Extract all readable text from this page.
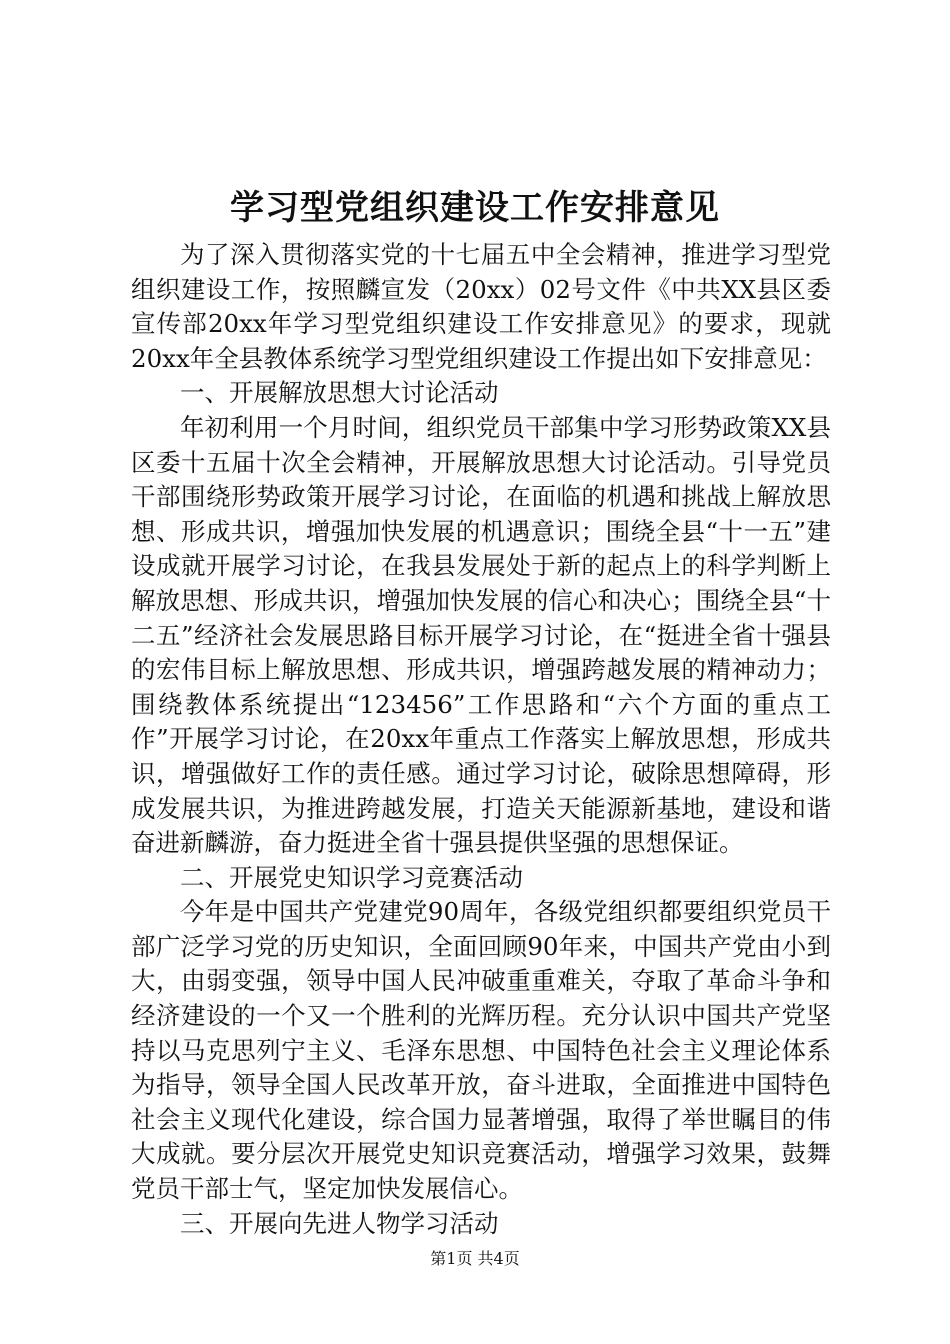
学习型党组织建设工作安排意见

为了深入贯彻落实党的十七届五中全会精神，推进学习型党组织建设工作，按照麟宣发（20xx）02号文件《中共XX县区委宣传部20xx年学习型党组织建设工作安排意见》的要求，现就20xx年全县教体系统学习型党组织建设工作提出如下安排意见：

一、开展解放思想大讨论活动

年初利用一个月时间，组织党员干部集中学习形势政策XX县区委十五届十次全会精神，开展解放思想大讨论活动。引导党员干部围绕形势政策开展学习讨论，在面临的机遇和挑战上解放思想、形成共识，增强加快发展的机遇意识；围绕全县“十一五”建设成就开展学习讨论，在我县发展处于新的起点上的科学判断上解放思想、形成共识，增强加快发展的信心和决心；围绕全县“十二五”经济社会发展思路目标开展学习讨论，在“挺进全省十强县的宏伟目标上解放思想、形成共识，增强跨越发展的精神动力；围绕教体系统提出“123456”工作思路和“六个方面的重点工作”开展学习讨论，在20xx年重点工作落实上解放思想，形成共识，增强做好工作的责任感。通过学习讨论，破除思想障碍，形成发展共识，为推进跨越发展，打造关天能源新基地，建设和谐奋进新麟游，奋力挺进全省十强县提供坚强的思想保证。

二、开展党史知识学习竞赛活动

今年是中国共产党建党90周年，各级党组织都要组织党员干部广泛学习党的历史知识，全面回顾90年来，中国共产党由小到大，由弱变强，领导中国人民冲破重重难关，夺取了革命斗争和经济建设的一个又一个胜利的光辉历程。充分认识中国共产党坚持以马克思列宁主义、毛泽东思想、中国特色社会主义理论体系为指导，领导全国人民改革开放，奋斗进取，全面推进中国特色社会主义现代化建设，综合国力显著增强，取得了举世瞩目的伟大成就。要分层次开展党史知识竞赛活动，增强学习效果，鼓舞党员干部士气，坚定加快发展信心。

三、开展向先进人物学习活动

第1页 共4页
